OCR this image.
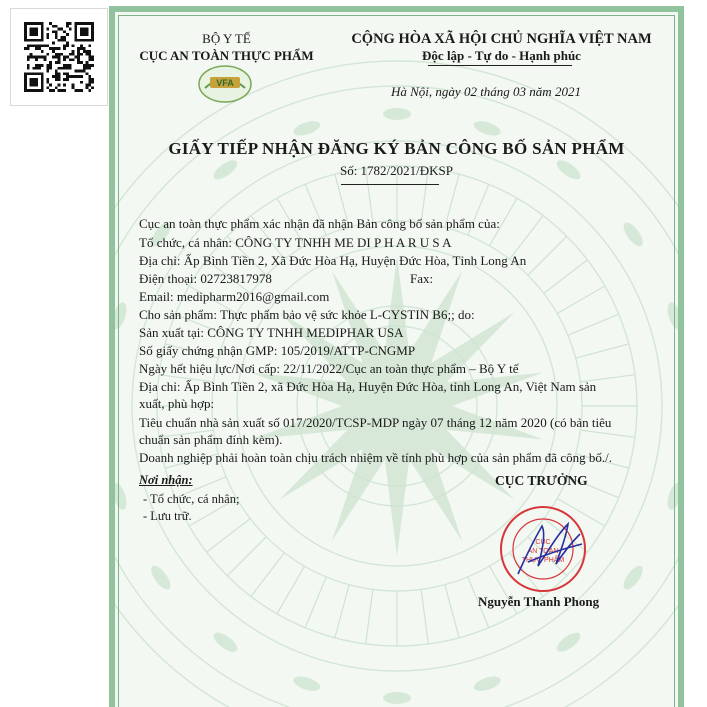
BỘ Y TẾ
CỤC AN TOÀN THỰC PHẨM
VFA
CỘNG HÒA XÃ HỘI CHỦ NGHĨA VIỆT NAM
Độc lập - Tự do - Hạnh phúc
Hà Nội, ngày 02 tháng 03 năm 2021
GIẤY TIẾP NHẬN ĐĂNG KÝ BẢN CÔNG BỐ SẢN PHẨM
Số: 1782/2021/ĐKSP
Cục an toàn thực phẩm xác nhận đã nhận Bản công bố sản phẩm của:
Tổ chức, cá nhân: CÔNG TY TNHH ME DI P H A R U S A
Địa chỉ: Ấp Bình Tiền 2, Xã Đức Hòa Hạ, Huyện Đức Hòa, Tỉnh Long An
Điện thoại: 02723817978	Fax:
Email: medipharm2016@gmail.com
Cho sản phẩm: Thực phẩm bảo vệ sức khỏe L-CYSTIN B6;; do:
Sản xuất tại: CÔNG TY TNHH MEDIPHAR USA
Số giấy chứng nhận GMP: 105/2019/ATTP-CNGMP
Ngày hết hiệu lực/Nơi cấp: 22/11/2022/Cục an toàn thực phẩm – Bộ Y tế
Địa chỉ: Ấp Bình Tiền 2, xã Đức Hòa Hạ, Huyện Đức Hòa, tỉnh Long An, Việt Nam sản
xuất, phù hợp:
Tiêu chuẩn nhà sản xuất số 017/2020/TCSP-MDP ngày 07 tháng 12 năm 2020 (có bản tiêu
chuẩn sản phẩm đính kèm).
Doanh nghiệp phải hoàn toàn chịu trách nhiệm về tính phù hợp của sản phẩm đã công bố./.
Nơi nhận:
- Tổ chức, cá nhân;
- Lưu trữ.
CỤC TRƯỞNG
CỤC
AN TOÀN
THỰC PHẨM
Nguyễn Thanh Phong
